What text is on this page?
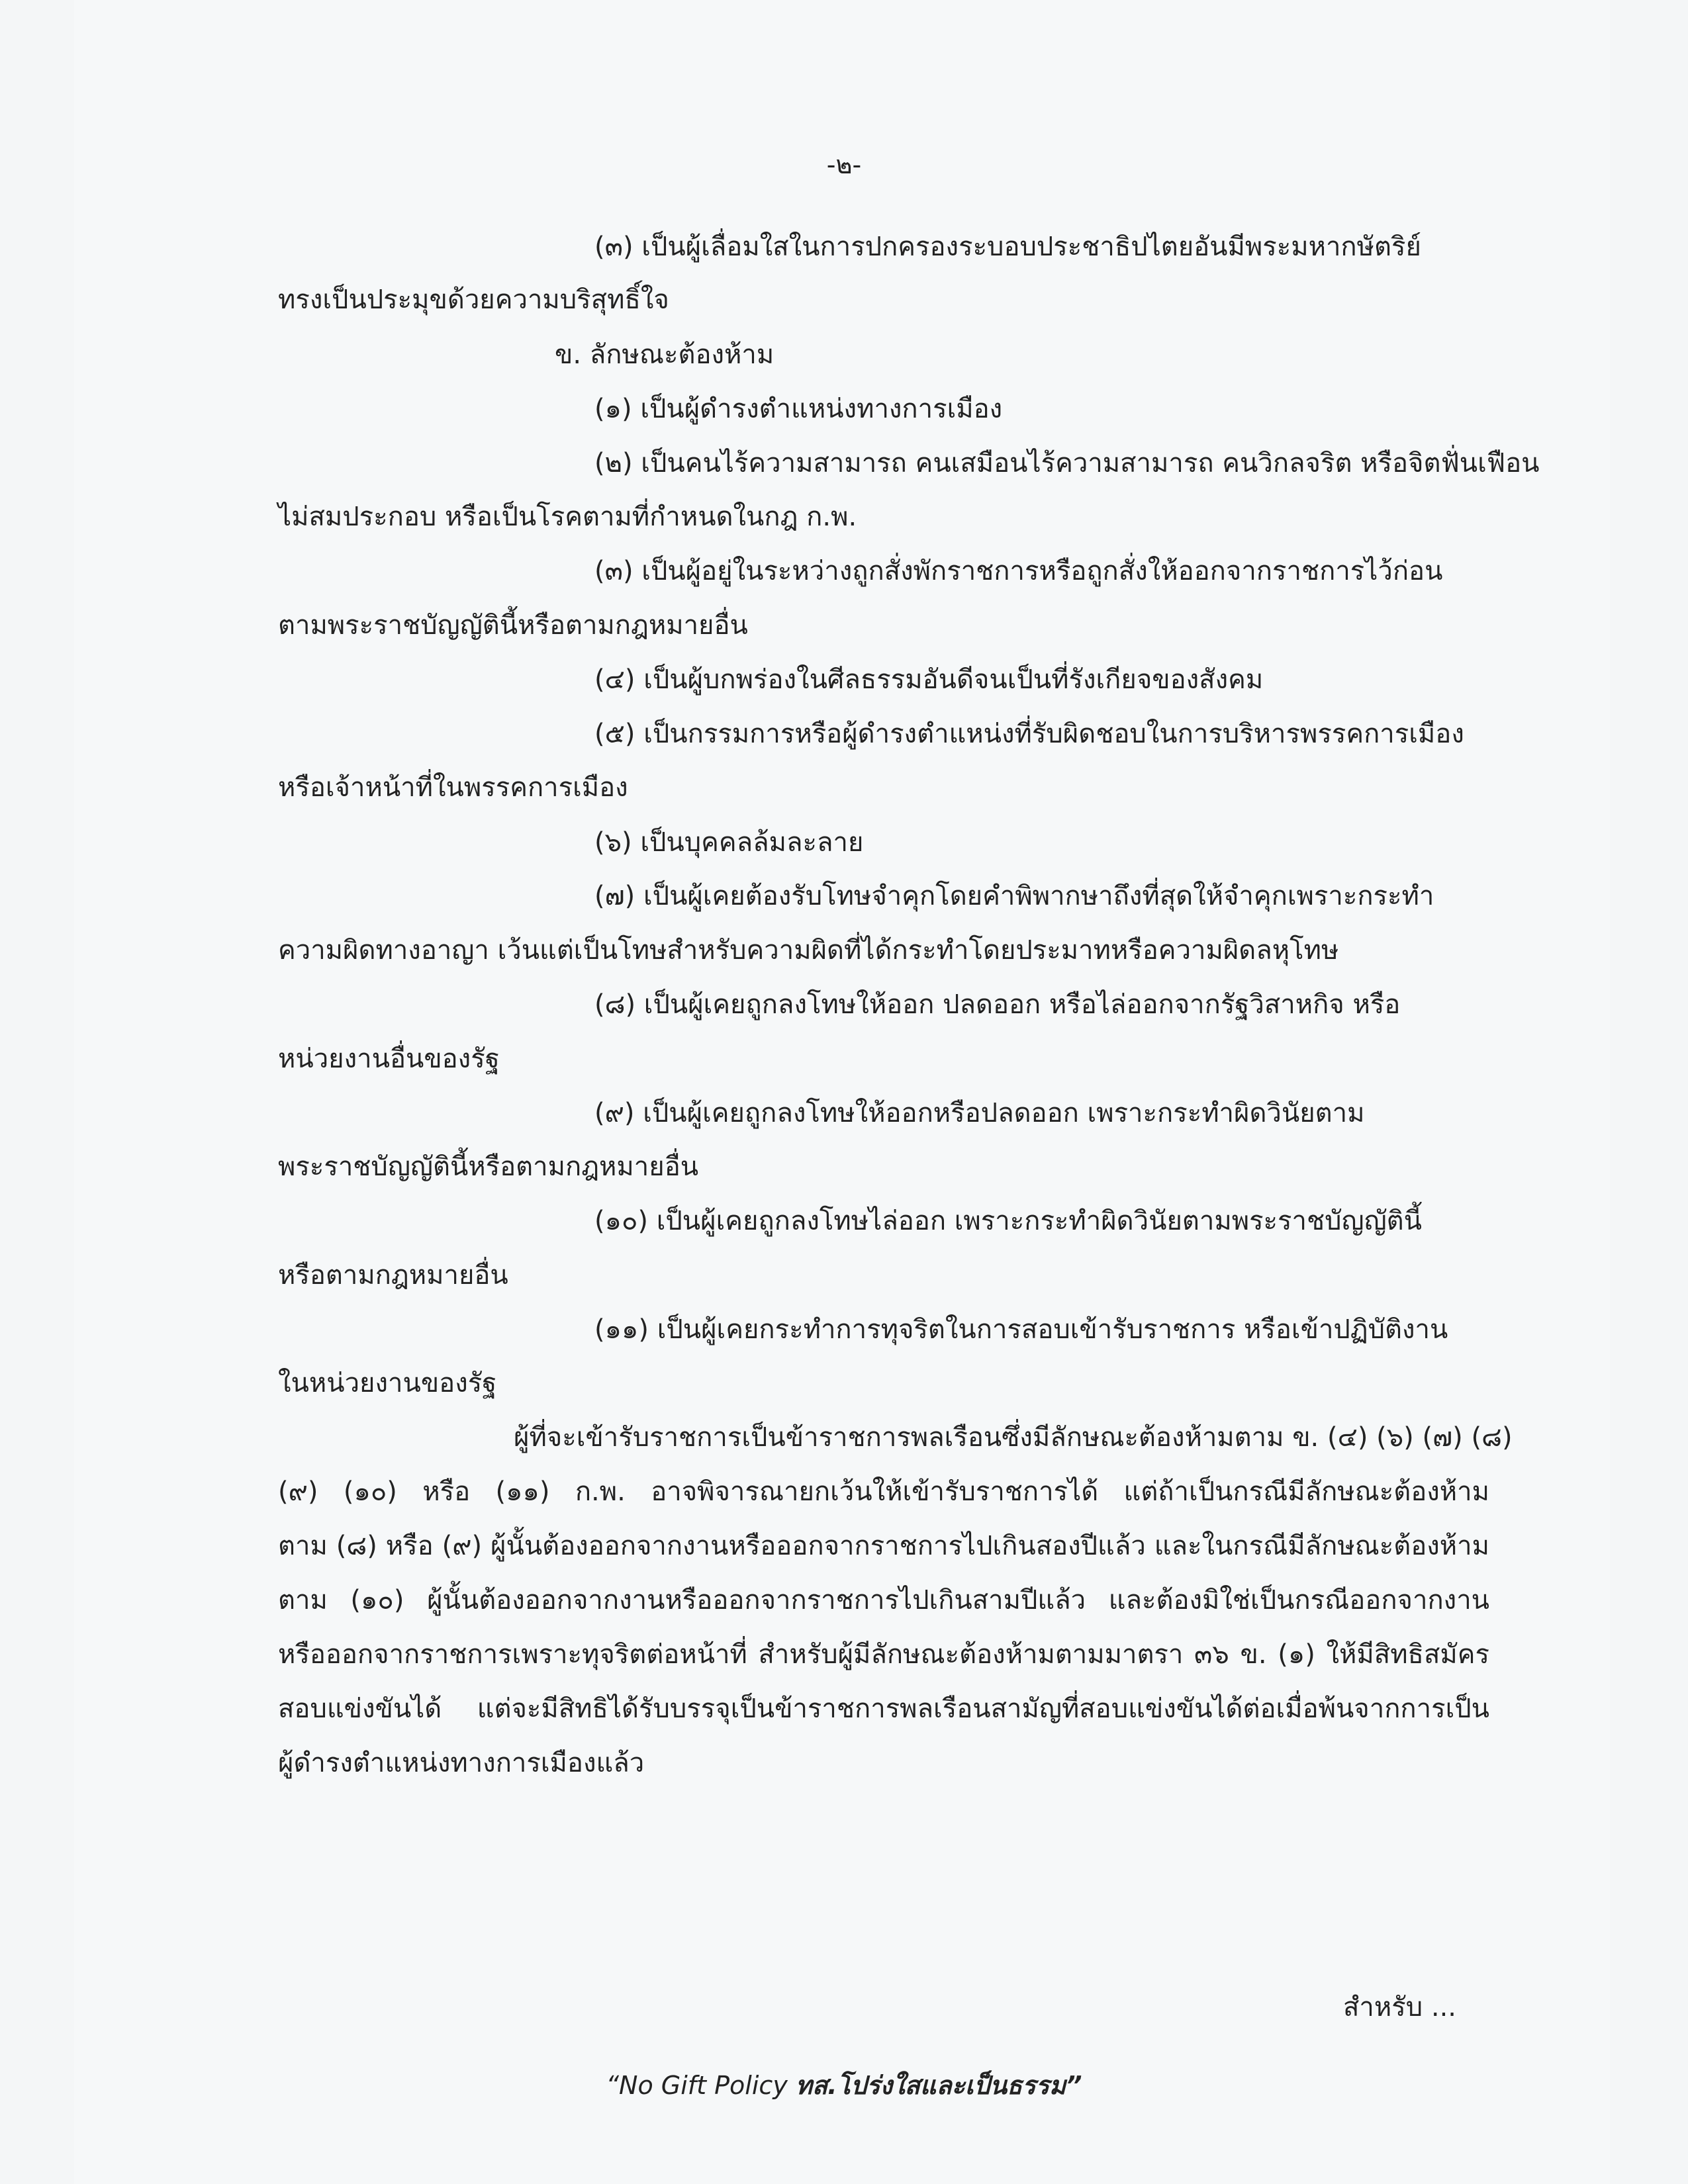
-๒-
(๓) เป็นผู้เลื่อมใสในการปกครองระบอบประชาธิปไตยอันมีพระมหากษัตริย์
ทรงเป็นประมุขด้วยความบริสุทธิ์ใจ
ข. ลักษณะต้องห้าม
(๑) เป็นผู้ดำรงตำแหน่งทางการเมือง
(๒) เป็นคนไร้ความสามารถ คนเสมือนไร้ความสามารถ คนวิกลจริต หรือจิตฟั่นเฟือน
ไม่สมประกอบ หรือเป็นโรคตามที่กำหนดในกฎ ก.พ.
(๓) เป็นผู้อยู่ในระหว่างถูกสั่งพักราชการหรือถูกสั่งให้ออกจากราชการไว้ก่อน
ตามพระราชบัญญัตินี้หรือตามกฎหมายอื่น
(๔) เป็นผู้บกพร่องในศีลธรรมอันดีจนเป็นที่รังเกียจของสังคม
(๕) เป็นกรรมการหรือผู้ดำรงตำแหน่งที่รับผิดชอบในการบริหารพรรคการเมือง
หรือเจ้าหน้าที่ในพรรคการเมือง
(๖) เป็นบุคคลล้มละลาย
(๗) เป็นผู้เคยต้องรับโทษจำคุกโดยคำพิพากษาถึงที่สุดให้จำคุกเพราะกระทำ
ความผิดทางอาญา เว้นแต่เป็นโทษสำหรับความผิดที่ได้กระทำโดยประมาทหรือความผิดลหุโทษ
(๘) เป็นผู้เคยถูกลงโทษให้ออก ปลดออก หรือไล่ออกจากรัฐวิสาหกิจ หรือ
หน่วยงานอื่นของรัฐ
(๙) เป็นผู้เคยถูกลงโทษให้ออกหรือปลดออก เพราะกระทำผิดวินัยตาม
พระราชบัญญัตินี้หรือตามกฎหมายอื่น
(๑๐) เป็นผู้เคยถูกลงโทษไล่ออก เพราะกระทำผิดวินัยตามพระราชบัญญัตินี้
หรือตามกฎหมายอื่น
(๑๑) เป็นผู้เคยกระทำการทุจริตในการสอบเข้ารับราชการ หรือเข้าปฏิบัติงาน
ในหน่วยงานของรัฐ
ผู้ที่จะเข้ารับราชการเป็นข้าราชการพลเรือนซึ่งมีลักษณะต้องห้ามตาม ข. (๔) (๖) (๗) (๘)
(๙) (๑๐) หรือ (๑๑) ก.พ. อาจพิจารณายกเว้นให้เข้ารับราชการได้ แต่ถ้าเป็นกรณีมีลักษณะต้องห้าม
ตาม (๘) หรือ (๙) ผู้นั้นต้องออกจากงานหรือออกจากราชการไปเกินสองปีแล้ว และในกรณีมีลักษณะต้องห้าม
ตาม (๑๐) ผู้นั้นต้องออกจากงานหรือออกจากราชการไปเกินสามปีแล้ว และต้องมิใช่เป็นกรณีออกจากงาน
หรือออกจากราชการเพราะทุจริตต่อหน้าที่ สำหรับผู้มีลักษณะต้องห้ามตามมาตรา ๓๖ ข. (๑) ให้มีสิทธิสมัคร
สอบแข่งขันได้ แต่จะมีสิทธิได้รับบรรจุเป็นข้าราชการพลเรือนสามัญที่สอบแข่งขันได้ต่อเมื่อพ้นจากการเป็น
ผู้ดำรงตำแหน่งทางการเมืองแล้ว
สำหรับ ...
“No Gift Policy ทส.โปร่งใสและเป็นธรรม”
